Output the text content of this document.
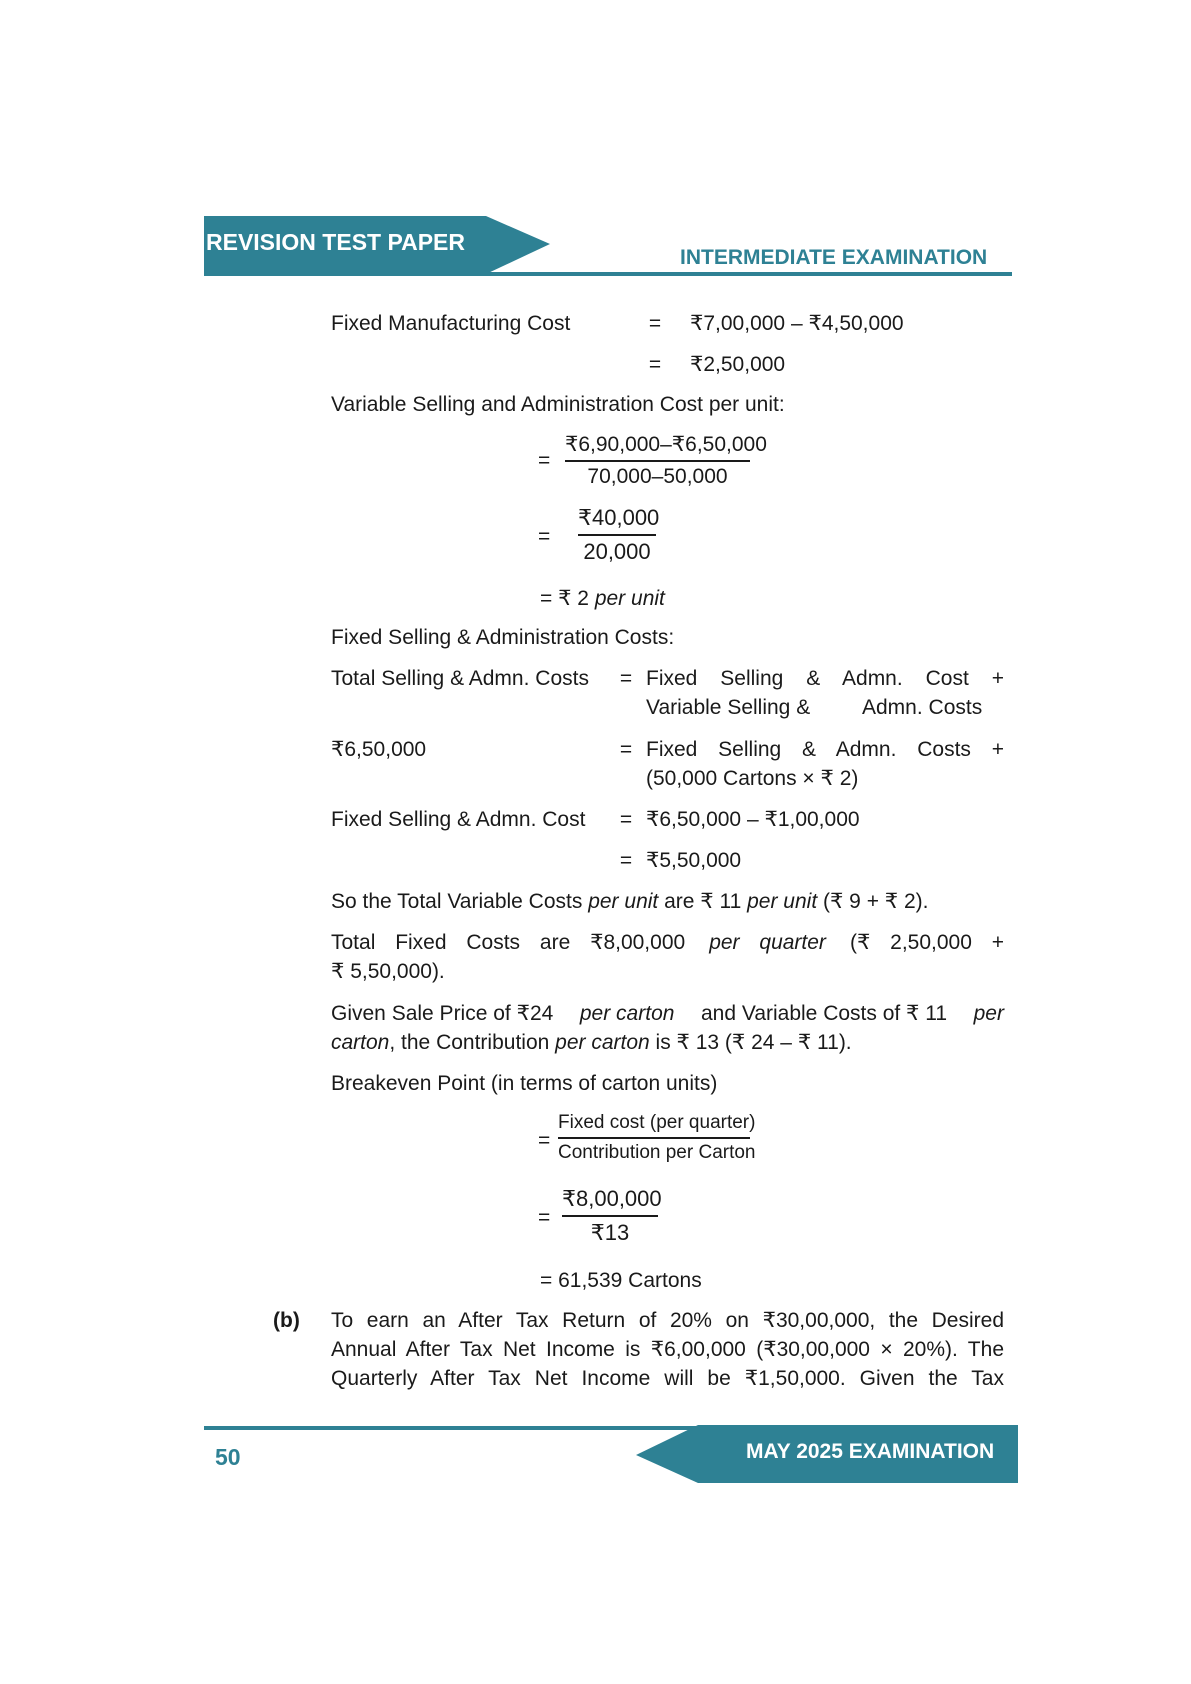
REVISION TEST PAPER
INTERMEDIATE EXAMINATION
Fixed Manufacturing Cost	= ₹7,00,000 – ₹4,50,000
= ₹2,50,000
Variable Selling and Administration Cost per unit:
=
₹6,90,000–₹6,50,000
70,000–50,000
=
₹40,000
20,000
= ₹ 2 per unit
Fixed Selling & Administration Costs:
Total Selling & Admn. Costs = Fixed Selling & Admn. Cost +
Variable Selling & Admn. Costs
₹6,50,000	= Fixed Selling & Admn. Costs +
(50,000 Cartons × ₹ 2)
Fixed Selling & Admn. Cost = ₹6,50,000 – ₹1,00,000
= ₹5,50,000
So the Total Variable Costs per unit are ₹ 11 per unit (₹ 9 + ₹ 2).
Total Fixed Costs are ₹8,00,000 per quarter (₹ 2,50,000 +
₹ 5,50,000).
Given Sale Price of ₹24 per carton and Variable Costs of ₹ 11 per
carton, the Contribution per carton is ₹ 13 (₹ 24 – ₹ 11).
Breakeven Point (in terms of carton units)
=
Fixed cost (per quarter)
Contribution per Carton
=
₹8,00,000
₹13
= 61,539 Cartons
(b) To earn an After Tax Return of 20% on ₹30,00,000, the Desired
Annual After Tax Net Income is ₹6,00,000 (₹30,00,000 × 20%). The
Quarterly After Tax Net Income will be ₹1,50,000. Given the Tax
50	MAY 2025 EXAMINATION
